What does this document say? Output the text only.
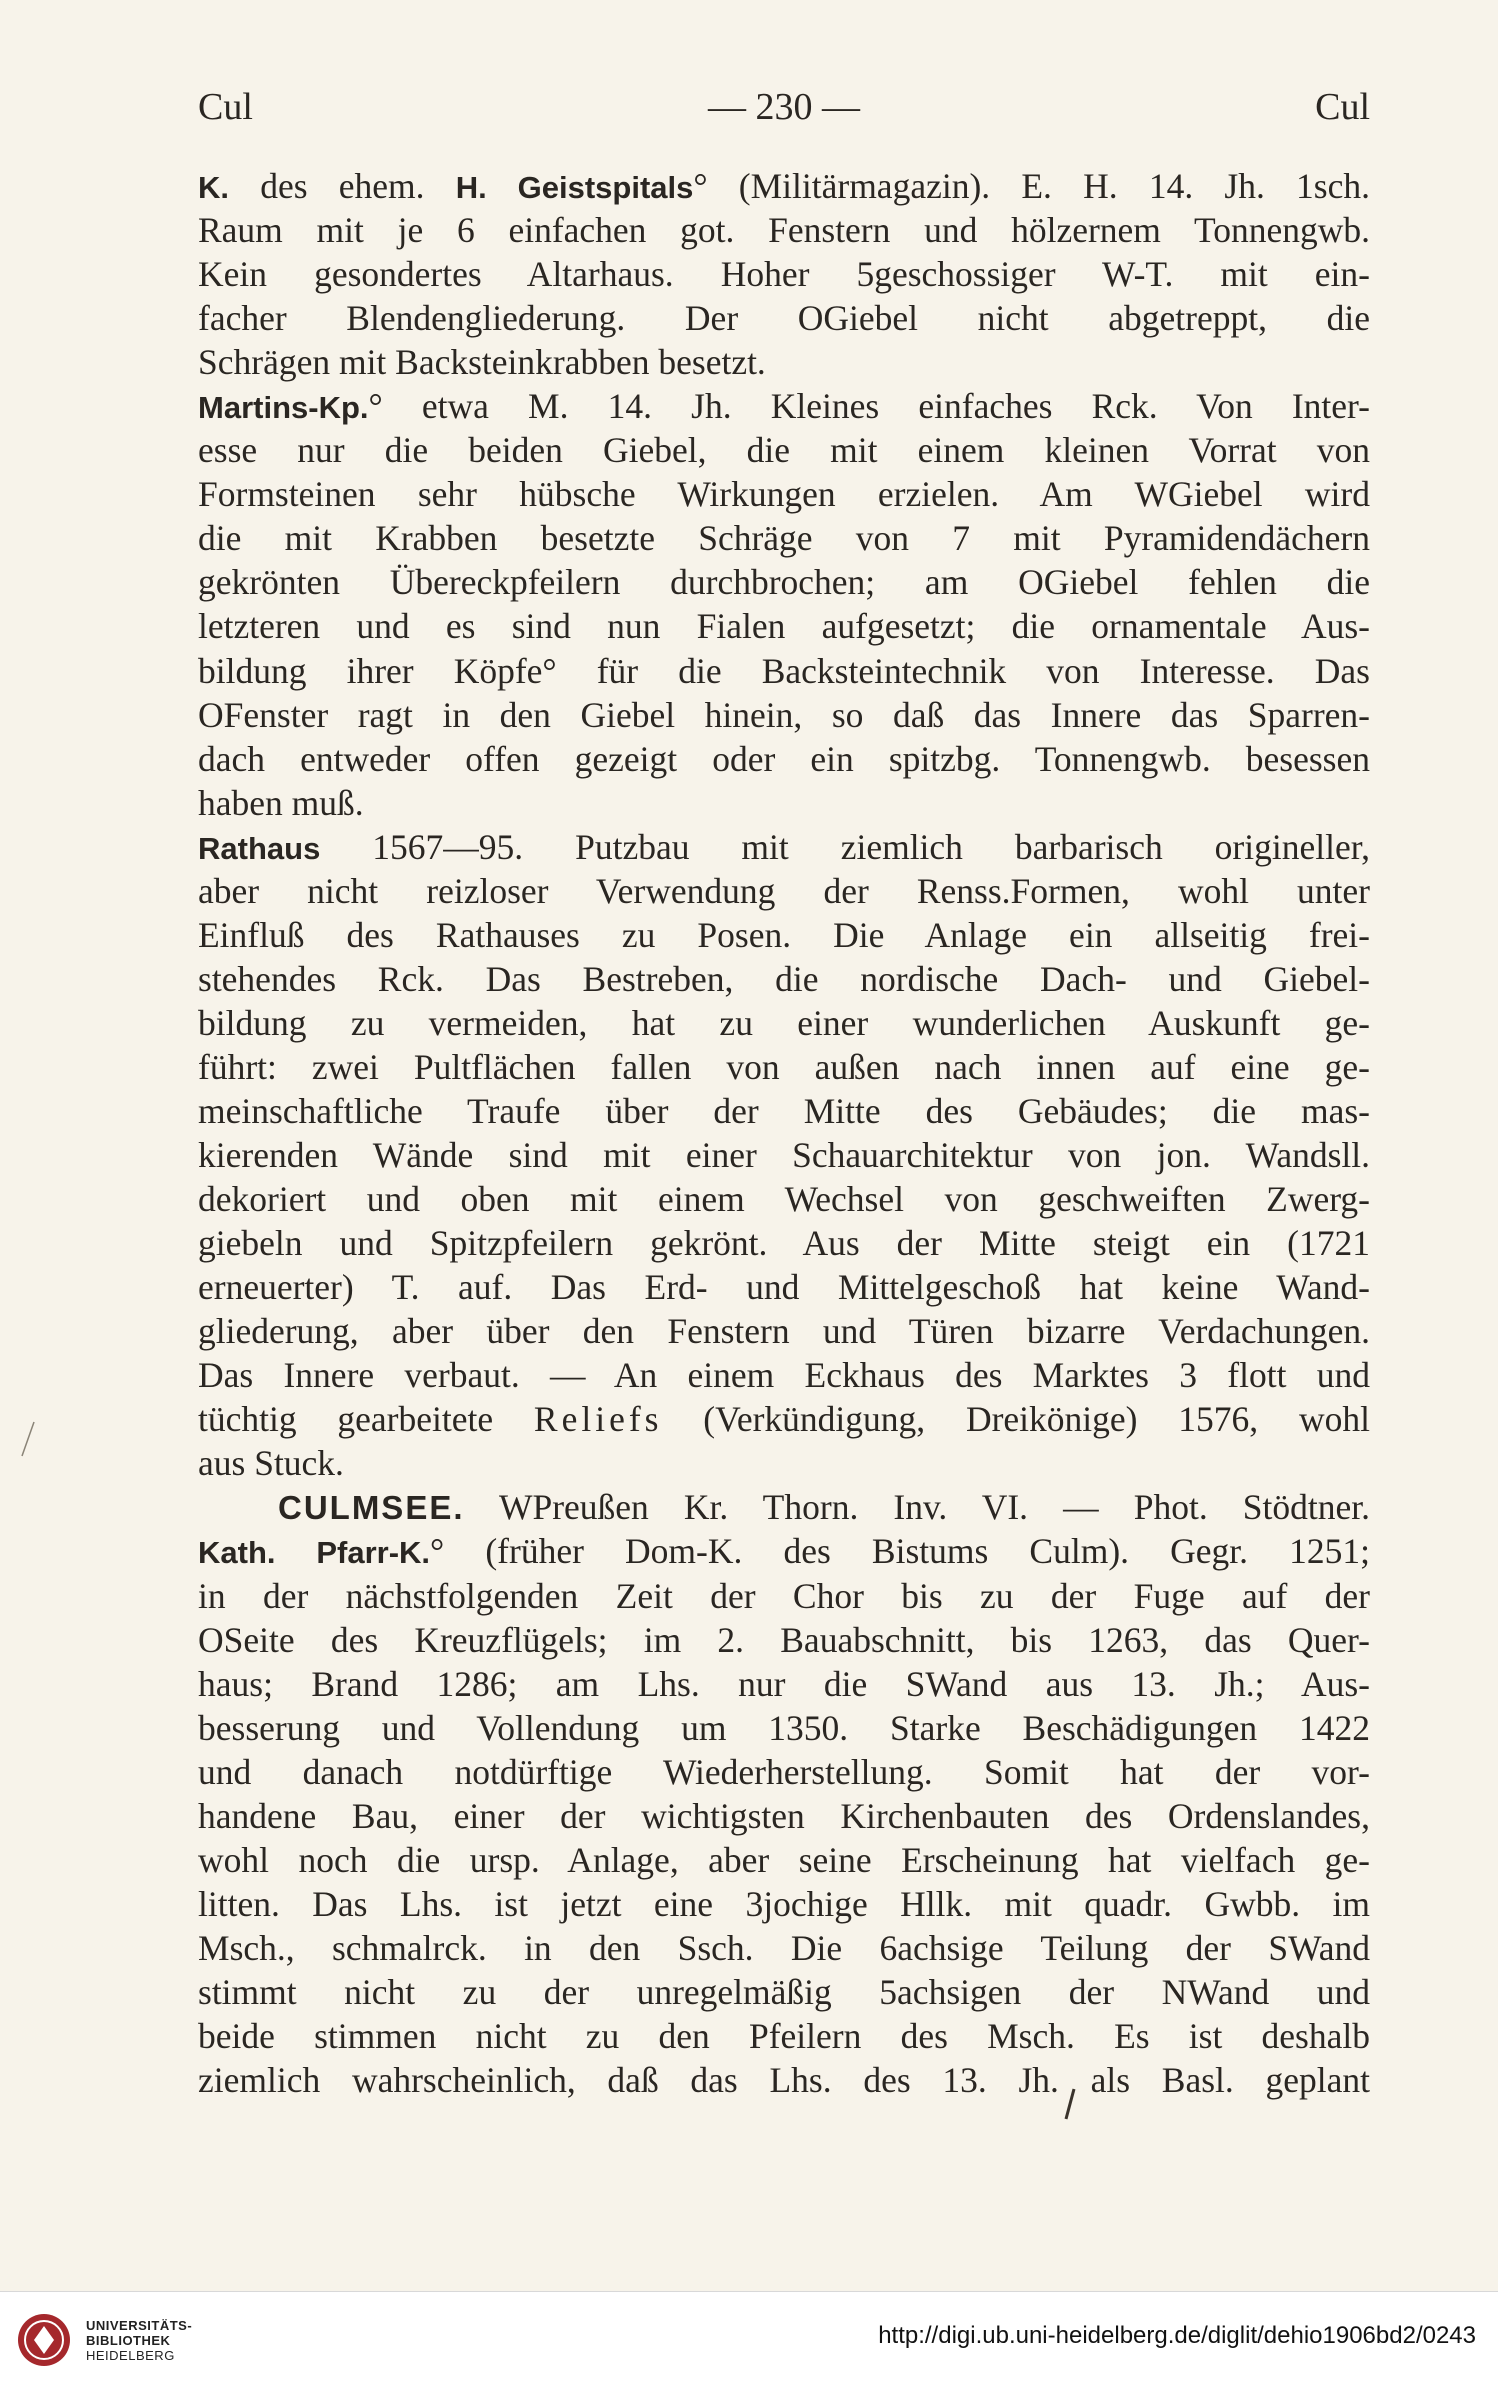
Cul	— 230 —	Cul
K. des ehem. H. Geistspitals° (Militärmagazin). E. H. 14. Jh. 1sch.
Raum mit je 6 einfachen got. Fenstern und hölzernem Tonnengwb.
Kein gesondertes Altarhaus. Hoher 5geschossiger W-T. mit ein-
facher Blendengliederung. Der OGiebel nicht abgetreppt, die
Schrägen mit Backsteinkrabben besetzt.
Martins-Kp.° etwa M. 14. Jh. Kleines einfaches Rck. Von Inter-
esse nur die beiden Giebel, die mit einem kleinen Vorrat von
Formsteinen sehr hübsche Wirkungen erzielen. Am WGiebel wird
die mit Krabben besetzte Schräge von 7 mit Pyramidendächern
gekrönten Übereckpfeilern durchbrochen; am OGiebel fehlen die
letzteren und es sind nun Fialen aufgesetzt; die ornamentale Aus-
bildung ihrer Köpfe° für die Backsteintechnik von Interesse. Das
OFenster ragt in den Giebel hinein, so daß das Innere das Sparren-
dach entweder offen gezeigt oder ein spitzbg. Tonnengwb. besessen
haben muß.
Rathaus 1567—95. Putzbau mit ziemlich barbarisch origineller,
aber nicht reizloser Verwendung der Renss.Formen, wohl unter
Einfluß des Rathauses zu Posen. Die Anlage ein allseitig frei-
stehendes Rck. Das Bestreben, die nordische Dach- und Giebel-
bildung zu vermeiden, hat zu einer wunderlichen Auskunft ge-
führt: zwei Pultflächen fallen von außen nach innen auf eine ge-
meinschaftliche Traufe über der Mitte des Gebäudes; die mas-
kierenden Wände sind mit einer Schauarchitektur von jon. Wandsll.
dekoriert und oben mit einem Wechsel von geschweiften Zwerg-
giebeln und Spitzpfeilern gekrönt. Aus der Mitte steigt ein (1721
erneuerter) T. auf. Das Erd- und Mittelgeschoß hat keine Wand-
gliederung, aber über den Fenstern und Türen bizarre Verdachungen.
Das Innere verbaut. — An einem Eckhaus des Marktes 3 flott und
tüchtig gearbeitete Reliefs (Verkündigung, Dreikönige) 1576, wohl
aus Stuck.
CULMSEE. WPreußen Kr. Thorn. Inv. VI. — Phot. Stödtner.
Kath. Pfarr-K.° (früher Dom-K. des Bistums Culm). Gegr. 1251;
in der nächstfolgenden Zeit der Chor bis zu der Fuge auf der
OSeite des Kreuzflügels; im 2. Bauabschnitt, bis 1263, das Quer-
haus; Brand 1286; am Lhs. nur die SWand aus 13. Jh.; Aus-
besserung und Vollendung um 1350. Starke Beschädigungen 1422
und danach notdürftige Wiederherstellung. Somit hat der vor-
handene Bau, einer der wichtigsten Kirchenbauten des Ordenslandes,
wohl noch die ursp. Anlage, aber seine Erscheinung hat vielfach ge-
litten. Das Lhs. ist jetzt eine 3jochige Hllk. mit quadr. Gwbb. im
Msch., schmalrck. in den Ssch. Die 6achsige Teilung der SWand
stimmt nicht zu der unregelmäßig 5achsigen der NWand und
beide stimmen nicht zu den Pfeilern des Msch. Es ist deshalb
ziemlich wahrscheinlich, daß das Lhs. des 13. Jh. als Basl. geplant
UNIVERSITÄTS-
BIBLIOTHEK
HEIDELBERG
http://digi.ub.uni-heidelberg.de/diglit/dehio1906bd2/0243
